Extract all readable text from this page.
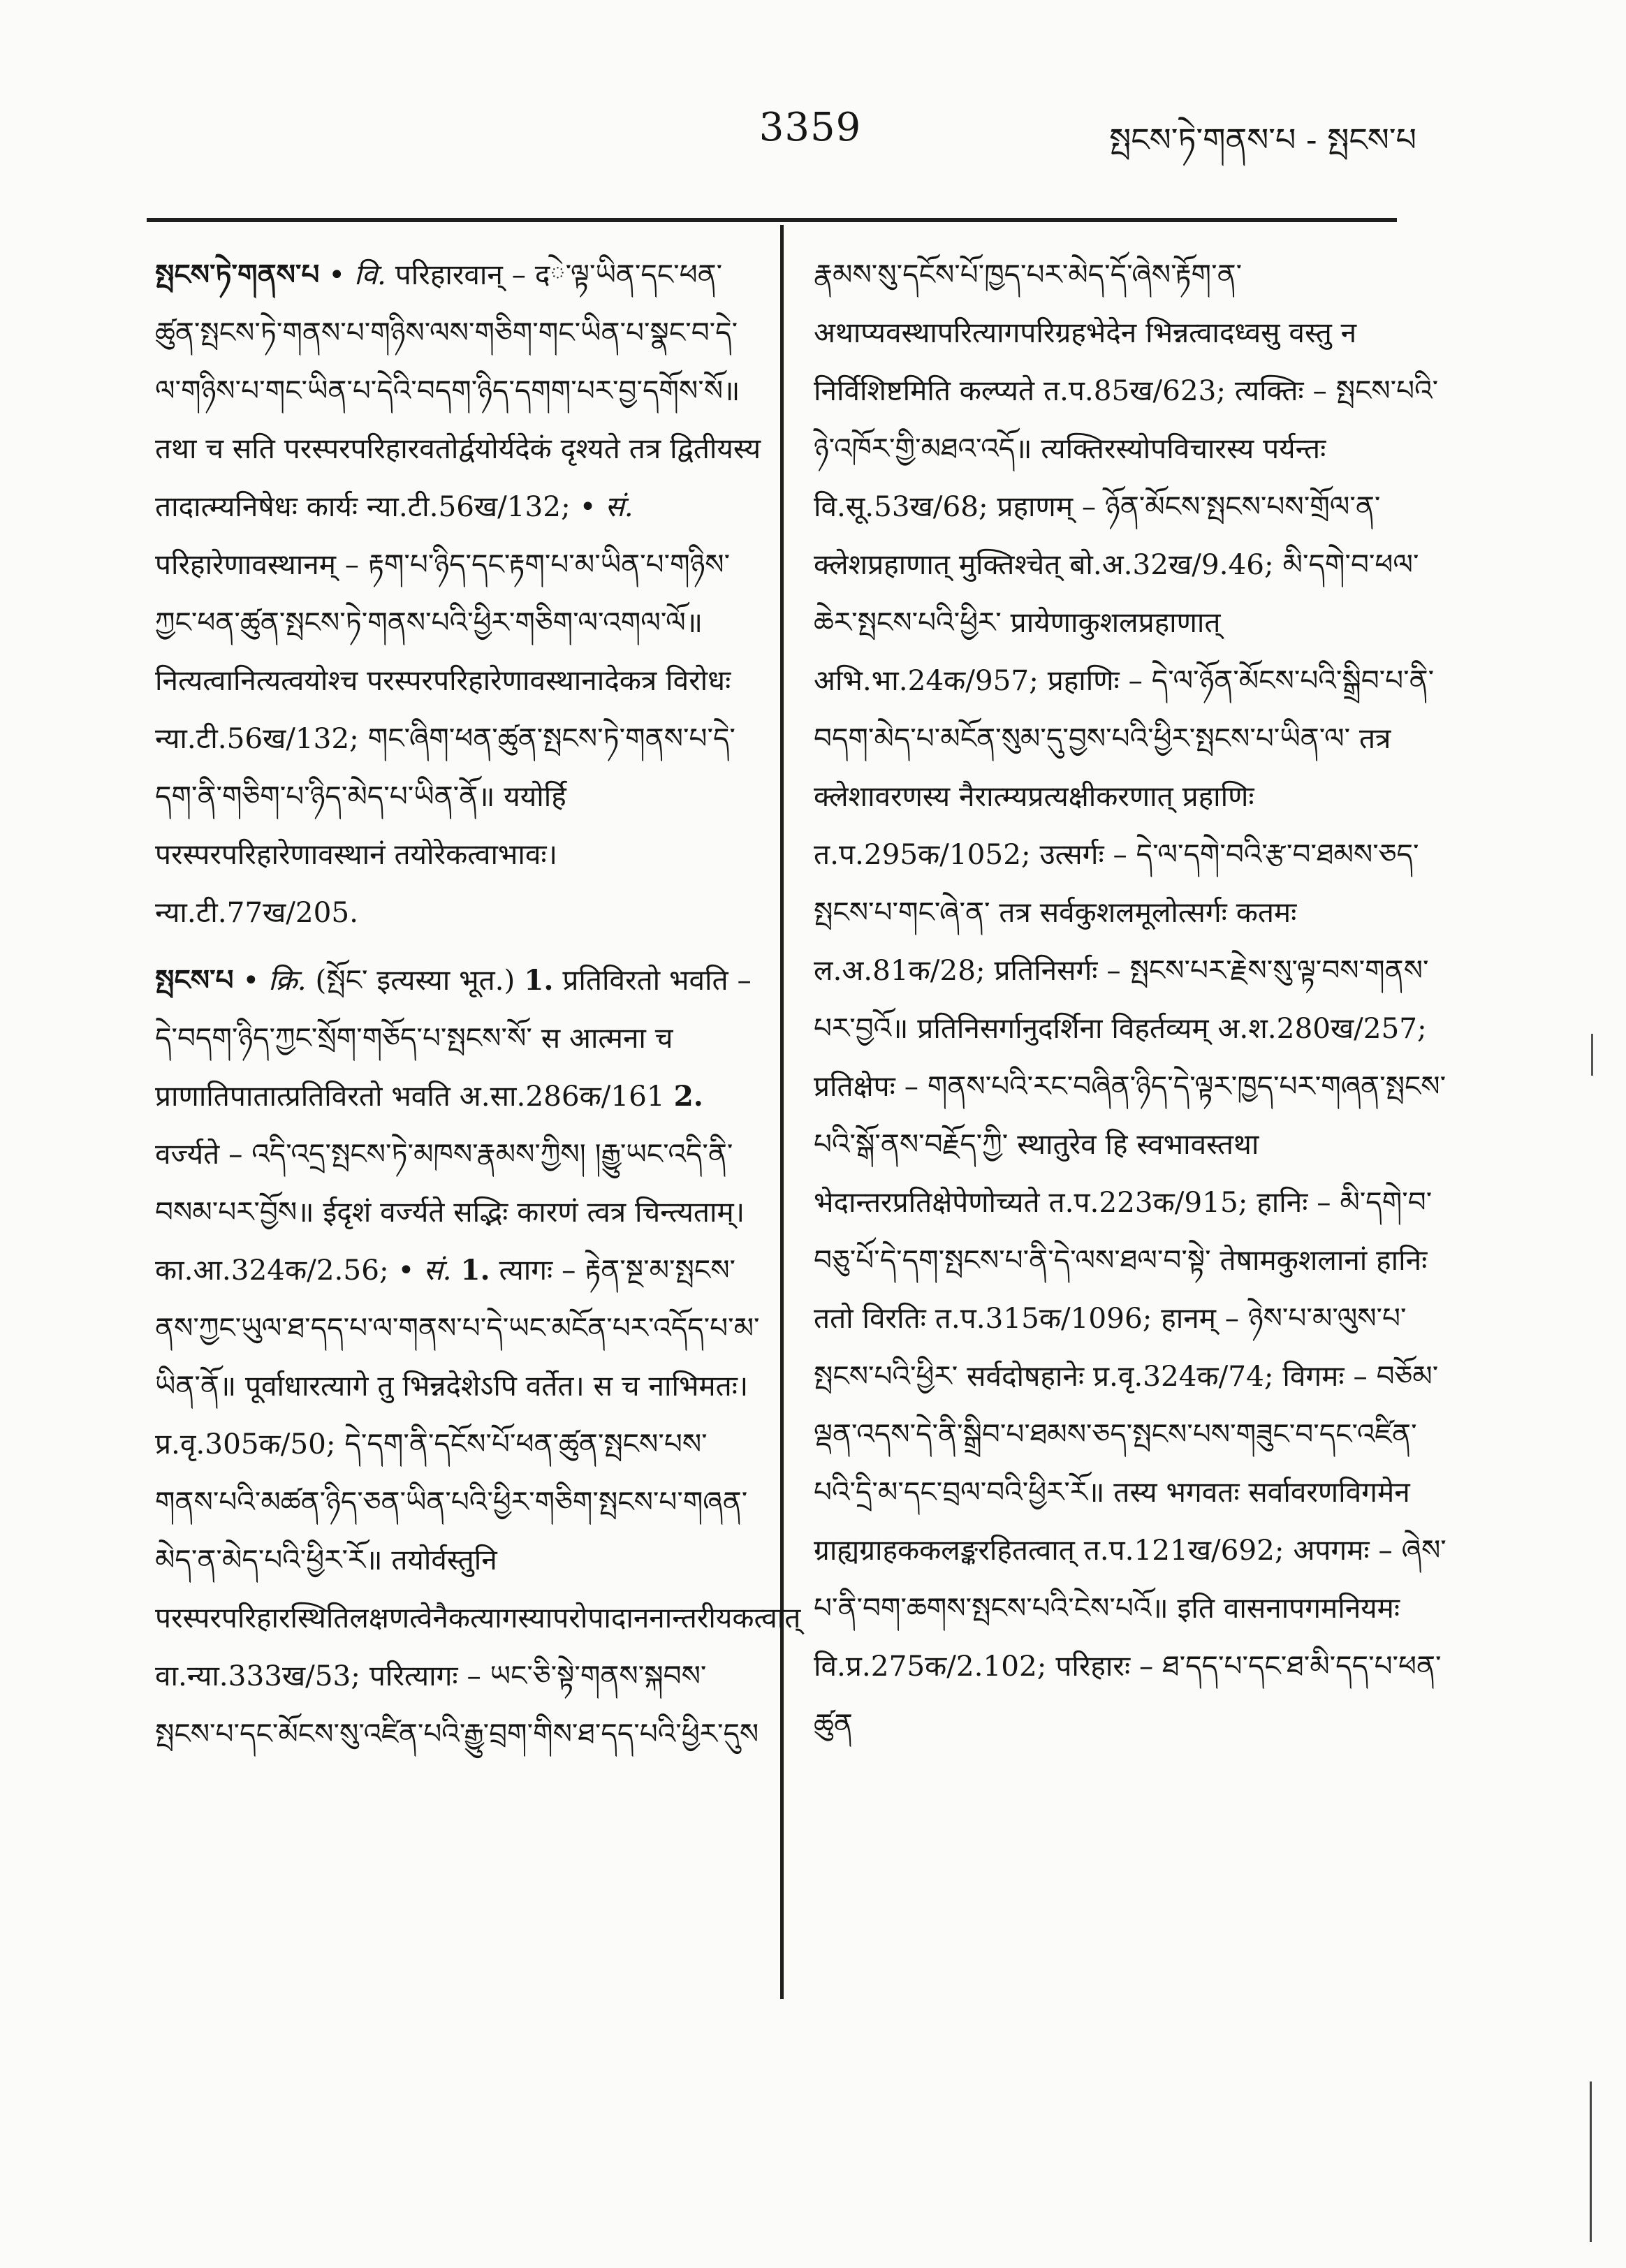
3359	སྤངས་ཏེ་གནས་པ - སྤངས་པ

སྤངས་ཏེ་གནས་པ • वि. परिहारवान् – दེ་ལྟ་ཡིན་དང་ཕན་ཚུན་སྤངས་ཏེ་གནས་པ་གཉིས་ལས་གཅིག་གང་ཡིན་པ་སྣང་བ་དེ་ལ་གཉིས་པ་གང་ཡིན་པ་དེའི་བདག་ཉིད་དགག་པར་བྱ་དགོས་སོ॥ तथा च सति परस्परपरिहारवतोर्द्वयोर्यदेकं दृश्यते तत्र द्वितीयस्य तादात्म्यनिषेधः कार्यः न्या.टी.56ख/132; • सं. परिहारेणावस्थानम् – རྟག་པ་ཉིད་དང་རྟག་པ་མ་ཡིན་པ་གཉིས་ཀྱང་ཕན་ཚུན་སྤངས་ཏེ་གནས་པའི་ཕྱིར་གཅིག་ལ་འགལ་ལོ॥ नित्यत्वानित्यत्वयोश्च परस्परपरिहारेणावस्थानादेकत्र विरोधः न्या.टी.56ख/132; གང་ཞིག་ཕན་ཚུན་སྤངས་ཏེ་གནས་པ་དེ་དག་ནི་གཅིག་པ་ཉིད་མེད་པ་ཡིན་ནོ॥ ययोर्हि परस्परपरिहारेणावस्थानं तयोरेकत्वाभावः। न्या.टी.77ख/205.

སྤངས་པ • क्रि. (སྤོང་ इत्यस्या भूत.) 1. प्रतिविरतो भवति – དེ་བདག་ཉིད་ཀྱང་སྲོག་གཅོད་པ་སྤངས་སོ་ स आत्मना च प्राणातिपातात्प्रतिविरतो भवति अ.सा.286क/161 2. वर्ज्यते – འདི་འདྲ་སྤངས་ཏེ་མཁས་རྣམས་ཀྱིས། །རྒྱུ་ཡང་འདི་ནི་བསམ་པར་བྱོས॥ ईदृशं वर्ज्यते सद्भिः कारणं त्वत्र चिन्त्यताम्। का.आ.324क/2.56; • सं. 1. त्यागः – རྟེན་སྔ་མ་སྤངས་ནས་ཀྱང་ཡུལ་ཐ་དད་པ་ལ་གནས་པ་དེ་ཡང་མངོན་པར་འདོད་པ་མ་ཡིན་ནོ॥ पूर्वाधारत्यागे तु भिन्नदेशेऽपि वर्तेत। स च नाभिमतः। प्र.वृ.305क/50; དེ་དག་ནི་དངོས་པོ་ཕན་ཚུན་སྤངས་པས་གནས་པའི་མཚན་ཉིད་ཅན་ཡིན་པའི་ཕྱིར་གཅིག་སྤངས་པ་གཞན་མེད་ན་མེད་པའི་ཕྱིར་རོ॥ तयोर्वस्तुनि परस्परपरिहारस्थितिलक्षणत्वेनैकत्यागस्यापरोपादाननान्तरीयकत्वात् वा.न्या.333ख/53; परित्यागः – ཡང་ཅི་སྟེ་གནས་སྐབས་སྤངས་པ་དང་མོངས་སུ་འཛིན་པའི་རྒྱུ་བྲག་གིས་ཐ་དད་པའི་ཕྱིར་དུས

རྣམས་སུ་དངོས་པོ་ཁྱད་པར་མེད་དོ་ཞེས་རྟོག་ན་ अथाप्यवस्थापरित्यागपरिग्रहभेदेन भिन्नत्वादध्वसु वस्तु न निर्विशिष्टमिति कल्प्यते त.प.85ख/623; त्यक्तिः – སྤངས་པའི་ཉེ་འཁོར་གྱི་མཐའ་འདོ॥ त्यक्तिरस्योपविचारस्य पर्यन्तः वि.सू.53ख/68; प्रहाणम् – ཉོན་མོངས་སྤངས་པས་གྲོལ་ན་ क्लेशप्रहाणात् मुक्तिश्चेत् बो.अ.32ख/9.46; མི་དགེ་བ་ཕལ་ཆེར་སྤངས་པའི་ཕྱིར་ प्रायेणाकुशलप्रहाणात् अभि.भा.24क/957; प्रहाणिः – དེ་ལ་ཉོན་མོངས་པའི་སྒྲིབ་པ་ནི་བདག་མེད་པ་མངོན་སུམ་དུ་བྱས་པའི་ཕྱིར་སྤངས་པ་ཡིན་ལ་ तत्र क्लेशावरणस्य नैरात्म्यप्रत्यक्षीकरणात् प्रहाणिः त.प.295क/1052; उत्सर्गः – དེ་ལ་དགེ་བའི་རྩ་བ་ཐམས་ཅད་སྤངས་པ་གང་ཞེ་ན་ तत्र सर्वकुशलमूलोत्सर्गः कतमः ल.अ.81क/28; प्रतिनिसर्गः – སྤངས་པར་རྗེས་སུ་ལྟ་བས་གནས་པར་བྱའོ॥ प्रतिनिसर्गानुदर्शिना विहर्तव्यम् अ.श.280ख/257; प्रतिक्षेपः – གནས་པའི་རང་བཞིན་ཉིད་དེ་ལྟར་ཁྱད་པར་གཞན་སྤངས་པའི་སྒོ་ནས་བརྗོད་ཀྱི་ स्थातुरेव हि स्वभावस्तथा भेदान्तरप्रतिक्षेपेणोच्यते त.प.223क/915; हानिः – མི་དགེ་བ་བཅུ་པོ་དེ་དག་སྤངས་པ་ནི་དེ་ལས་ཐལ་བ་སྟེ་ तेषामकुशलानां हानिः ततो विरतिः त.प.315क/1096; हानम् – ཉེས་པ་མ་ལུས་པ་སྤངས་པའི་ཕྱིར་ सर्वदोषहानेः प्र.वृ.324क/74; विगमः – བཅོམ་ལྡན་འདས་དེ་ནི་སྒྲིབ་པ་ཐམས་ཅད་སྤངས་པས་གཟུང་བ་དང་འཛིན་པའི་དྲི་མ་དང་བྲལ་བའི་ཕྱིར་རོ॥ तस्य भगवतः सर्वावरणविगमेन ग्राह्यग्राहककलङ्करहितत्वात् त.प.121ख/692; अपगमः – ཞེས་པ་ནི་བག་ཆགས་སྤངས་པའི་ངེས་པའོ॥ इति वासनापगमनियमः वि.प्र.275क/2.102; परिहारः – ཐ་དད་པ་དང་ཐ་མི་དད་པ་ཕན་ཚུན
